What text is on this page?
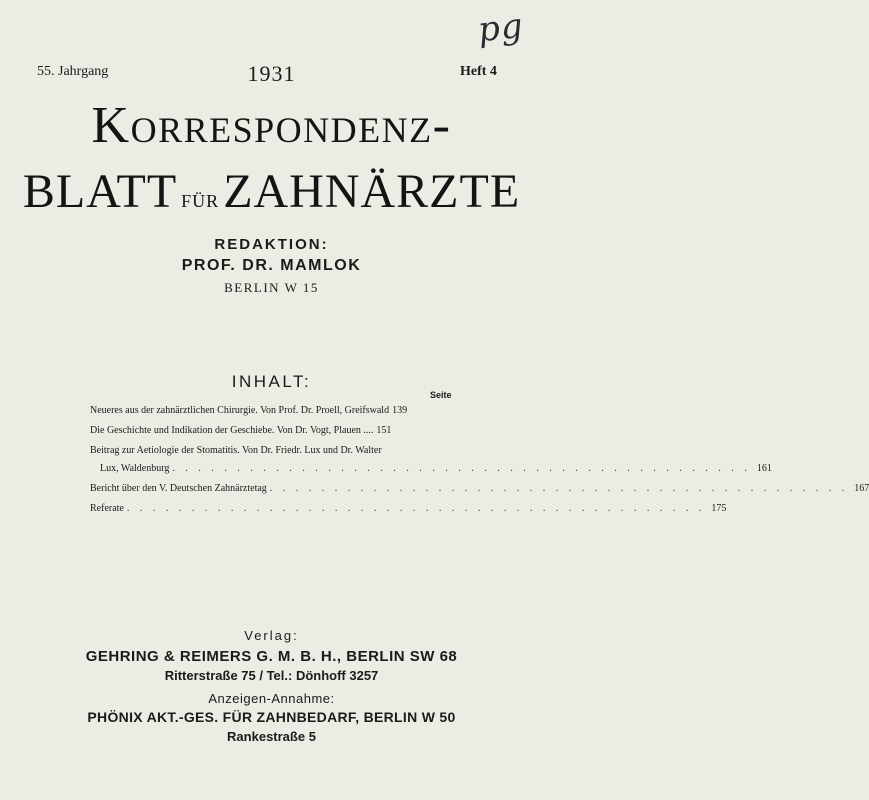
pg
55. Jahrgang	1931	Heft 4
Korrespondenz-
BLATT FÜRZAHNÄRZTE
REDAKTION:
PROF. DR. MAMLOK
BERLIN W 15
INHALT:
Seite
Neueres aus der zahnärztlichen Chirurgie. Von Prof. Dr. Proell, Greifswald 139
Die Geschichte und Indikation der Geschiebe. Von Dr. Vogt, Plauen .... 151
Beitrag zur Aetiologie der Stomatitis. Von Dr. Friedr. Lux und Dr. Walter
Lux, Waldenburg . . .	161
Bericht über den V. Deutschen Zahnärztetag . . .	167
Referate . . .	175
Verlag:
GEHRING & REIMERS G. M. B. H., BERLIN SW 68
Ritterstraße 75 / Tel.: Dönhoff 3257
Anzeigen-Annahme:
PHÖNIX AKT.-GES. FÜR ZAHNBEDARF, BERLIN W 50
Rankestraße 5
